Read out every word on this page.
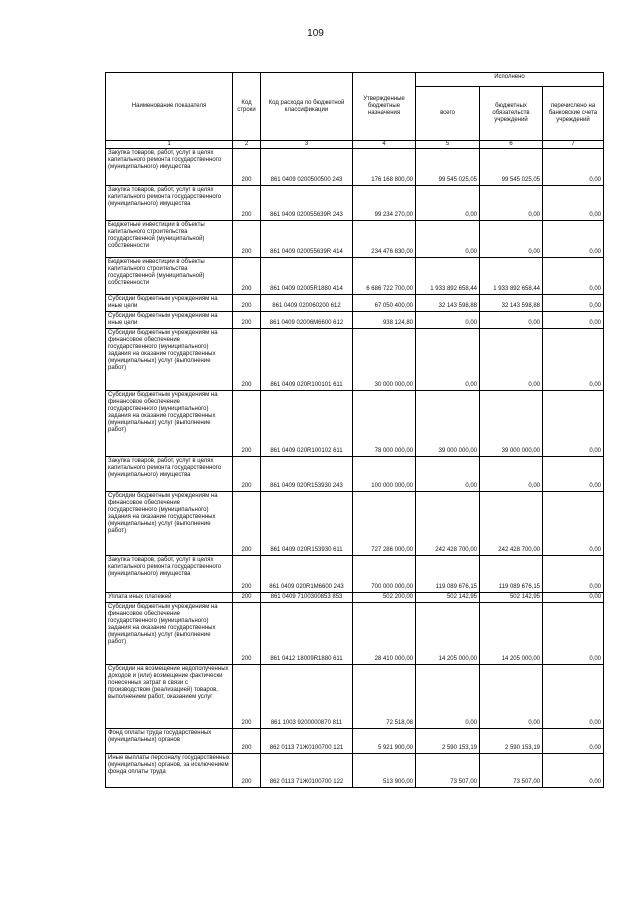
109
Наименование показателя	Код строки	Код расхода по бюджетной классификации	Утвержденные бюджетные назначения	Исполнено		
				всего	бюджетных обязательств учреждений	перечислено на банковские счета учреждений
1	2	3	4	5	6	7
Закупка товаров, работ, услуг в целях капитального ремонта государственного (муниципального) имущества	200	861 0409 0200500500 243	176 168 800,00	99 545 025,05	99 545 025,05	0,00
Закупка товаров, работ, услуг в целях капитального ремонта государственного (муниципального) имущества	200	861 0409 020055639R 243	99 234 270,00	0,00	0,00	0,00
Бюджетные инвестиции в объекты капитального строительства государственной (муниципальной) собственности	200	861 0409 020055639R 414	234 476 830,00	0,00	0,00	0,00
Бюджетные инвестиции в объекты капитального строительства государственной (муниципальной) собственности	200	861 0409 02005R1880 414	6 686 722 700,00	1 933 892 658,44	1 933 892 658,44	0,00
Субсидии бюджетным учреждениям на иные цели	200	861 0409 020060200 612	67 050 400,00	32 143 598,88	32 143 598,88	0,00
Субсидии бюджетным учреждениям на иные цели	200	861 0409 02006М6600 612	938 124,80	0,00	0,00	0,00
Субсидии бюджетным учреждениям на финансовое обеспечение государственного (муниципального) задания на оказание государственных (муниципальных) услуг (выполнение работ)	200	861 0409 020R100101 611	30 000 000,00	0,00	0,00	0,00
Субсидии бюджетным учреждениям на финансовое обеспечение государственного (муниципального) задания на оказание государственных (муниципальных) услуг (выполнение работ)	200	861 0409 020R100102 611	78 000 000,00	39 000 000,00	39 000 000,00	0,00
Закупка товаров, работ, услуг в целях капитального ремонта государственного (муниципального) имущества	200	861 0409 020R153930 243	100 000 000,00	0,00	0,00	0,00
Субсидии бюджетным учреждениям на финансовое обеспечение государственного (муниципального) задания на оказание государственных (муниципальных) услуг (выполнение работ)	200	861 0409 020R153930 611	727 286 000,00	242 428 700,00	242 428 700,00	0,00
Закупка товаров, работ, услуг в целях капитального ремонта государственного (муниципального) имущества	200	861 0409 020R1М6600 243	700 000 000,00	119 089 676,15	119 089 676,15	0,00
Уплата иных платежей	200	861 0409 7100300853 853	502 200,00	502 142,95	502 142,95	0,00
Субсидии бюджетным учреждениям на финансовое обеспечение государственного (муниципального) задания на оказание государственных (муниципальных) услуг (выполнение работ)	200	861 0412 18009R1880 611	28 410 000,00	14 205 000,00	14 205 000,00	0,00
Субсидии на возмещение недополученных доходов и (или) возмещение фактически понесенных затрат в связи с производством (реализацией) товаров, выполнением работ, оказанием услуг	200	861 1003 9200000870 811	72 518,08	0,00	0,00	0,00
Фонд оплаты труда государственных (муниципальных) органов	200	862 0113 71Ж0100700 121	5 921 900,00	2 590 153,19	2 590 153,19	0,00
Иные выплаты персоналу государственных (муниципальных) органов, за исключением фонда оплаты труда	200	862 0113 71Ж0100700 122	513 900,00	73 507,00	73 507,00	0,00
